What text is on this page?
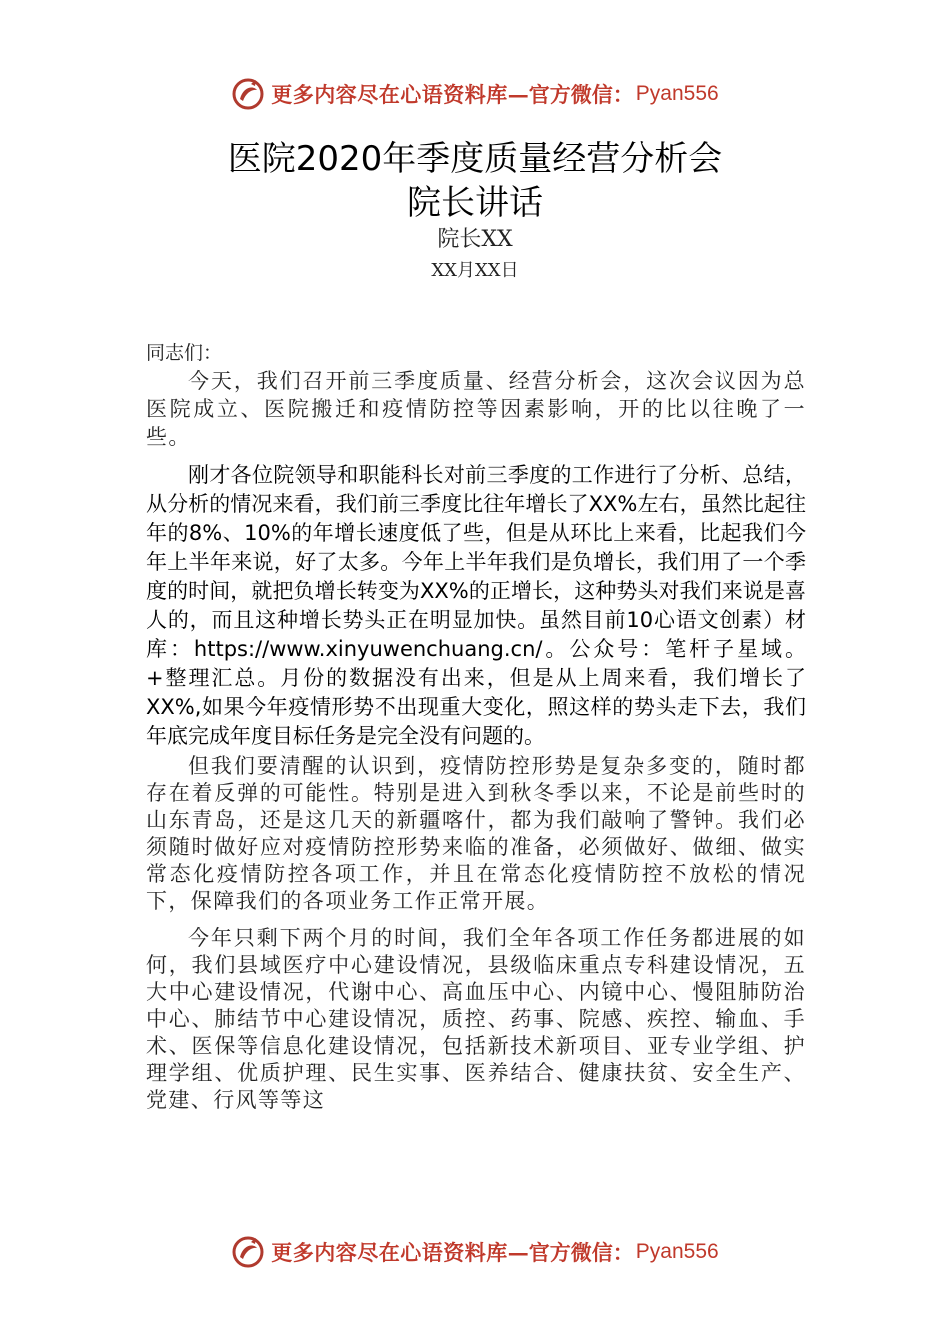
更多内容尽在心语资料库 — 官方微信： Pyan556
医院2020年季度质量经营分析会
院长讲话
院长XX
XX月XX日

同志们：

今天，我们召开前三季度质量、经营分析会，这次会议因为总医院成立、医院搬迁和疫情防控等因素影响，开的比以往晚了一些。

刚才各位院领导和职能科长对前三季度的工作进行了分析、总结，从分析的情况来看，我们前三季度比往年增长了XX%左右，虽然比起往年的8%、10%的年增长速度低了些，但是从环比上来看，比起我们今年上半年来说，好了太多。今年上半年我们是负增长，我们用了一个季度的时间，就把负增长转变为XX%的正增长，这种势头对我们来说是喜人的，而且这种增长势头正在明显加快。虽然目前10心语文创素）材库：https://www.xinyuwenchuang.cn/。公众号：笔杆子星域。+整理汇总。月份的数据没有出来，但是从上周来看，我们增长了XX%,如果今年疫情形势不出现重大变化，照这样的势头走下去，我们年底完成年度目标任务是完全没有问题的。

但我们要清醒的认识到，疫情防控形势是复杂多变的，随时都存在着反弹的可能性。特别是进入到秋冬季以来，不论是前些时的山东青岛，还是这几天的新疆喀什，都为我们敲响了警钟。我们必须随时做好应对疫情防控形势来临的准备，必须做好、做细、做实常态化疫情防控各项工作，并且在常态化疫情防控不放松的情况下，保障我们的各项业务工作正常开展。

今年只剩下两个月的时间，我们全年各项工作任务都进展的如何，我们县域医疗中心建设情况，县级临床重点专科建设情况，五大中心建设情况，代谢中心、高血压中心、内镜中心、慢阻肺防治中心、肺结节中心建设情况，质控、药事、院感、疾控、输血、手术、医保等信息化建设情况，包括新技术新项目、亚专业学组、护理学组、优质护理、民生实事、医养结合、健康扶贫、安全生产、党建、行风等等这

更多内容尽在心语资料库 — 官方微信： Pyan556
